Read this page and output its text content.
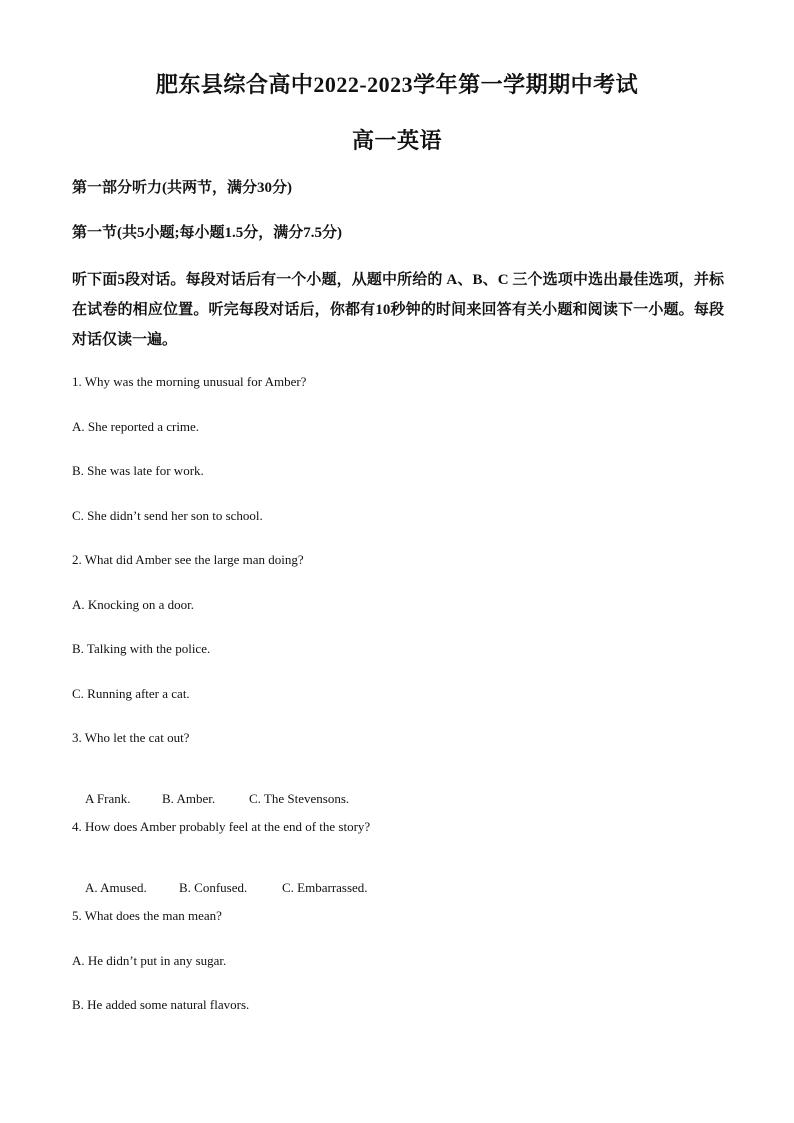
肥东县综合高中2022-2023学年第一学期期中考试
高一英语
第一部分听力(共两节，满分30分)
第一节(共5小题;每小题1.5分，满分7.5分)
听下面5段对话。每段对话后有一个小题，从题中所给的 A、B、C 三个选项中选出最佳选项，并标在试卷的相应位置。听完每段对话后，你都有10秒钟的时间来回答有关小题和阅读下一小题。每段对话仅读一遍。
1. Why was the morning unusual for Amber?
A. She reported a crime.
B. She was late for work.
C. She didn’t send her son to school.
2. What did Amber see the large man doing?
A. Knocking on a door.
B. Talking with the police.
C. Running after a cat.
3. Who let the cat out?

A Frank. B. Amber.	C. The Stevensons.

4. How does Amber probably feel at the end of the story?

A. Amused. B. Confused.	C. Embarrassed.

5. What does the man mean?
A. He didn’t put in any sugar.
B. He added some natural flavors.
